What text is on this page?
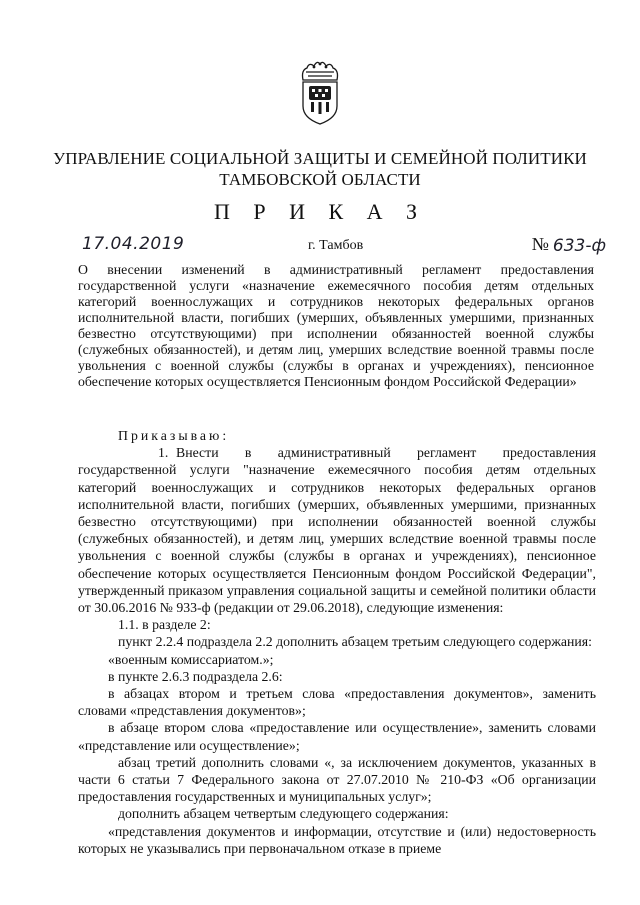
УПРАВЛЕНИЕ СОЦИАЛЬНОЙ ЗАЩИТЫ И СЕМЕЙНОЙ ПОЛИТИКИ
ТАМБОВСКОЙ ОБЛАСТИ
П Р И К А З
17.04.2019	г. Тамбов	№ 633-ф
О внесении изменений в административный регламент предоставления государственной услуги «назначение ежемесячного пособия детям отдельных категорий военнослужащих и сотрудников некоторых федеральных органов исполнительной власти, погибших (умерших, объявленных умершими, признанных безвестно отсутствующими) при исполнении обязанностей военной службы (служебных обязанностей), и детям лиц, умерших вследствие военной травмы после увольнения с военной службы (службы в органах и учреждениях), пенсионное обеспечение которых осуществляется Пенсионным фондом Российской Федерации»

Приказываю:

1. Внести в административный регламент предоставления государственной услуги "назначение ежемесячного пособия детям отдельных категорий военнослужащих и сотрудников некоторых федеральных органов исполнительной власти, погибших (умерших, объявленных умершими, признанных безвестно отсутствующими) при исполнении обязанностей военной службы (служебных обязанностей), и детям лиц, умерших вследствие военной травмы после увольнения с военной службы (службы в органах и учреждениях), пенсионное обеспечение которых осуществляется Пенсионным фондом Российской Федерации", утвержденный приказом управления социальной защиты и семейной политики области от 30.06.2016 № 933-ф (редакции от 29.06.2018), следующие изменения:

1.1. в разделе 2:

пункт 2.2.4 подраздела 2.2 дополнить абзацем третьим следующего содержания:

«военным комиссариатом.»;

в пункте 2.6.3 подраздела 2.6:

в абзацах втором и третьем слова «предоставления документов», заменить словами «представления документов»;

в абзаце втором слова «предоставление или осуществление», заменить словами «представление или осуществление»;

абзац третий дополнить словами «, за исключением документов, указанных в части 6 статьи 7 Федерального закона от 27.07.2010 № 210-ФЗ «Об организации предоставления государственных и муниципальных услуг»;

дополнить абзацем четвертым следующего содержания:

«представления документов и информации, отсутствие и (или) недостоверность которых не указывались при первоначальном отказе в приеме
